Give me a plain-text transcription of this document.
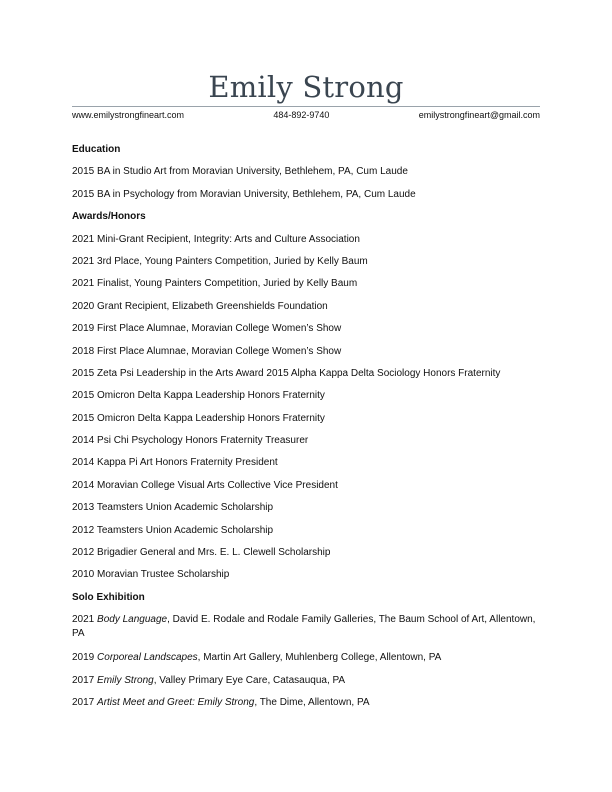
Emily Strong
www.emilystrongfineart.com	484-892-9740	emilystrongfineart@gmail.com
Education
2015 BA in Studio Art from Moravian University, Bethlehem, PA, Cum Laude
2015 BA in Psychology from Moravian University, Bethlehem, PA, Cum Laude
Awards/Honors
2021 Mini-Grant Recipient, Integrity: Arts and Culture Association
2021 3rd Place, Young Painters Competition, Juried by Kelly Baum
2021 Finalist, Young Painters Competition, Juried by Kelly Baum
2020 Grant Recipient, Elizabeth Greenshields Foundation
2019 First Place Alumnae, Moravian College Women’s Show
2018 First Place Alumnae, Moravian College Women’s Show
2015 Zeta Psi Leadership in the Arts Award 2015 Alpha Kappa Delta Sociology Honors Fraternity
2015 Omicron Delta Kappa Leadership Honors Fraternity
2015 Omicron Delta Kappa Leadership Honors Fraternity
2014 Psi Chi Psychology Honors Fraternity Treasurer
2014 Kappa Pi Art Honors Fraternity President
2014 Moravian College Visual Arts Collective Vice President
2013 Teamsters Union Academic Scholarship
2012 Teamsters Union Academic Scholarship
2012 Brigadier General and Mrs. E. L. Clewell Scholarship
2010 Moravian Trustee Scholarship
Solo Exhibition
2021 Body Language, David E. Rodale and Rodale Family Galleries, The Baum School of Art, Allentown, PA
2019 Corporeal Landscapes, Martin Art Gallery, Muhlenberg College, Allentown, PA
2017 Emily Strong, Valley Primary Eye Care, Catasauqua, PA
2017 Artist Meet and Greet: Emily Strong, The Dime, Allentown, PA
